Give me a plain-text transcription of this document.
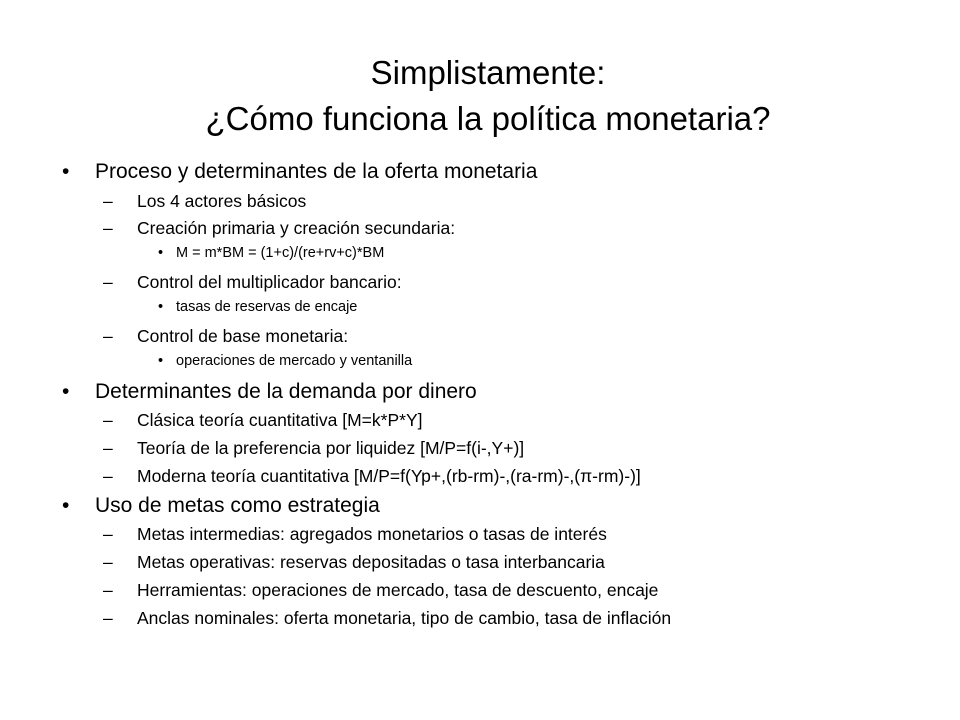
Simplistamente:
¿Cómo funciona la política monetaria?
• Proceso y determinantes de la oferta monetaria
– Los 4 actores básicos
– Creación primaria y creación secundaria:
• M = m*BM = (1+c)/(re+rv+c)*BM
– Control del multiplicador bancario:
• tasas de reservas de encaje
– Control de base monetaria:
• operaciones de mercado y ventanilla
• Determinantes de la demanda por dinero
– Clásica teoría cuantitativa [M=k*P*Y]
– Teoría de la preferencia por liquidez [M/P=f(i-,Y+)]
– Moderna teoría cuantitativa [M/P=f(Yp+,(rb-rm)-,(ra-rm)-,(π-rm)-)]
• Uso de metas como estrategia
– Metas intermedias: agregados monetarios o tasas de interés
– Metas operativas: reservas depositadas o tasa interbancaria
– Herramientas: operaciones de mercado, tasa de descuento, encaje
– Anclas nominales: oferta monetaria, tipo de cambio, tasa de inflación
